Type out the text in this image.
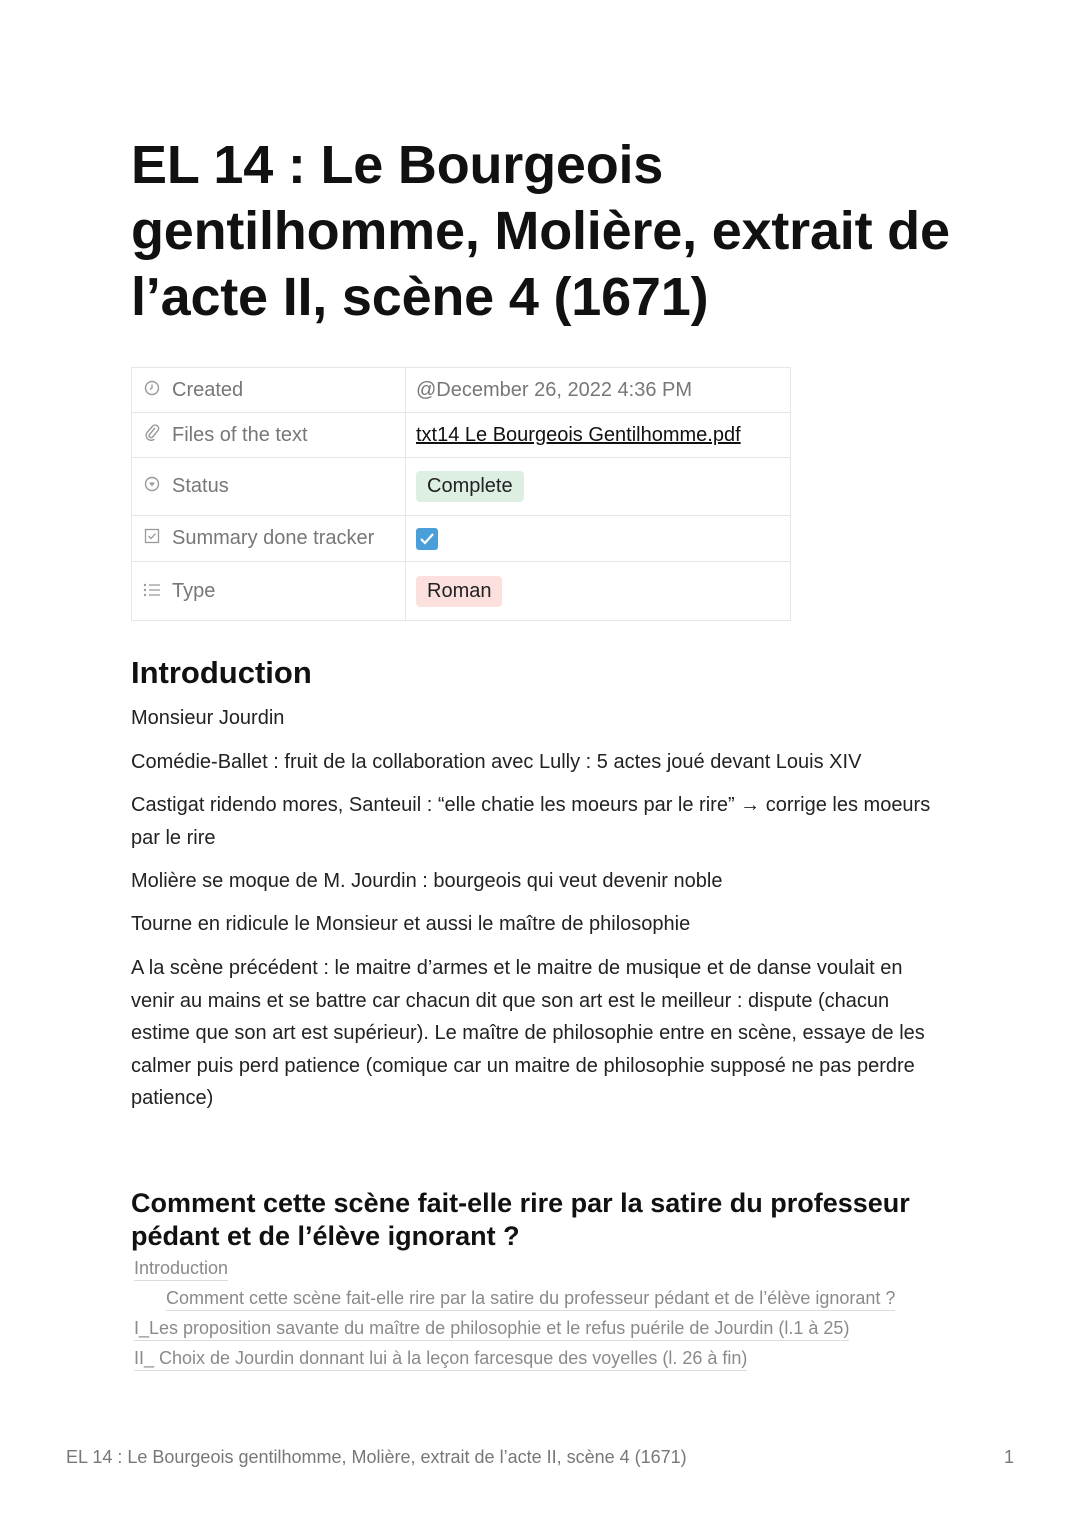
EL 14 : Le Bourgeois gentilhomme, Molière, extrait de l’acte II, scène 4 (1671)
Created	@December 26, 2022 4:36 PM
Files of the text	txt14 Le Bourgeois Gentilhomme.pdf
Status	Complete
Summary done tracker	

Type	Roman
Introduction

Monsieur Jourdin

Comédie-Ballet : fruit de la collaboration avec Lully : 5 actes joué devant Louis XIV

Castigat ridendo mores, Santeuil : “elle chatie les moeurs par le rire” → corrige les moeurs par le rire

Molière se moque de M. Jourdin : bourgeois qui veut devenir noble

Tourne en ridicule le Monsieur et aussi le maître de philosophie

A la scène précédent : le maitre d’armes et le maitre de musique et de danse voulait en venir au mains et se battre car chacun dit que son art est le meilleur : dispute (chacun estime que son art est supérieur). Le maître de philosophie entre en scène, essaye de les calmer puis perd patience (comique car un maitre de philosophie supposé ne pas perdre patience)

Comment cette scène fait-elle rire par la satire du professeur pédant et de l’élève ignorant ?

Introduction

Comment cette scène fait-elle rire par la satire du professeur pédant et de l’élève ignorant ?

I_Les proposition savante du maître de philosophie et le refus puérile de Jourdin (l.1 à 25)

II_ Choix de Jourdin donnant lui à la leçon farcesque des voyelles (l. 26 à fin)

EL 14 : Le Bourgeois gentilhomme, Molière, extrait de l’acte II, scène 4 (1671)	1
